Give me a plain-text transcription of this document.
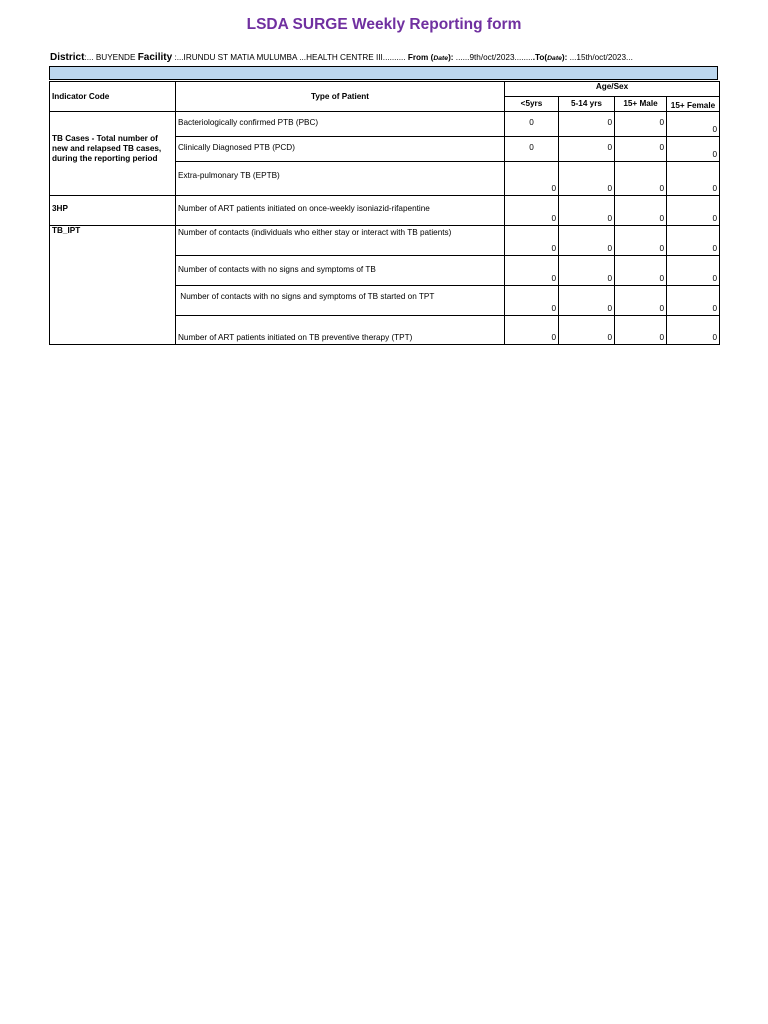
LSDA SURGE Weekly Reporting form
District:... BUYENDE Facility :...IRUNDU ST MATIA MULUMBA ...HEALTH CENTRE III.......... From (Date): ......9th/oct/2023.........To(Date): ...15th/oct/2023...
Indicator Code	Type of Patient	Age/Sex			
		<5yrs	5-14 yrs	15+ Male	15+ Female
TB Cases - Total number of new and relapsed TB cases, during the reporting period	Bacteriologically confirmed PTB (PBC)	0	0	0	0
	Clinically Diagnosed PTB (PCD)	0	0	0	0
	Extra-pulmonary TB (EPTB)	0	0	0	0
3HP	Number of ART patients initiated on once-weekly isoniazid-rifapentine	0	0	0	0
TB_IPT	Number of contacts (individuals who either stay or interact with TB patients)	0	0	0	0
	Number of contacts with no signs and symptoms of TB	0	0	0	0
	Number of contacts with no signs and symptoms of TB started on TPT	0	0	0	0
	Number of ART patients initiated on TB preventive therapy (TPT)	0	0	0	0
